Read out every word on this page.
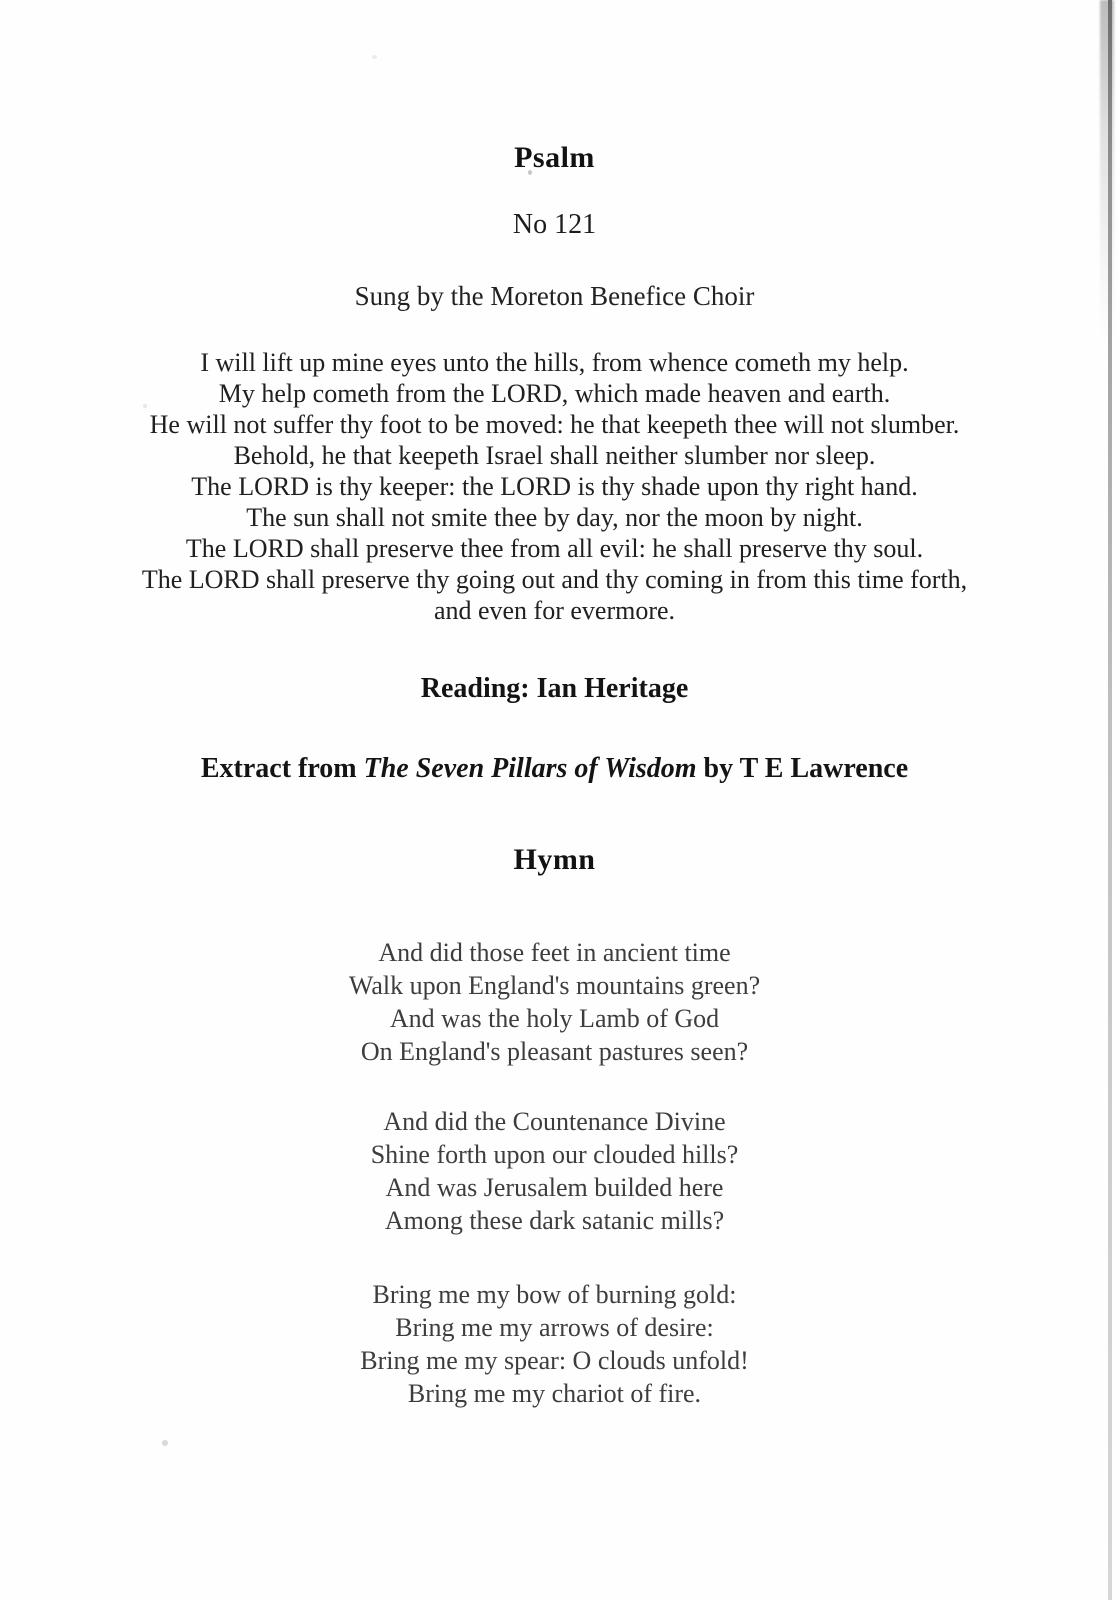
Psalm
No 121
Sung by the Moreton Benefice Choir
I will lift up mine eyes unto the hills, from whence cometh my help.
My help cometh from the LORD, which made heaven and earth.
He will not suffer thy foot to be moved: he that keepeth thee will not slumber.
Behold, he that keepeth Israel shall neither slumber nor sleep.
The LORD is thy keeper: the LORD is thy shade upon thy right hand.
The sun shall not smite thee by day, nor the moon by night.
The LORD shall preserve thee from all evil: he shall preserve thy soul.
The LORD shall preserve thy going out and thy coming in from this time forth,
and even for evermore.
Reading: Ian Heritage
Extract from The Seven Pillars of Wisdom by T E Lawrence
Hymn
And did those feet in ancient time
Walk upon England's mountains green?
And was the holy Lamb of God
On England's pleasant pastures seen?
And did the Countenance Divine
Shine forth upon our clouded hills?
And was Jerusalem builded here
Among these dark satanic mills?
Bring me my bow of burning gold:
Bring me my arrows of desire:
Bring me my spear: O clouds unfold!
Bring me my chariot of fire.
